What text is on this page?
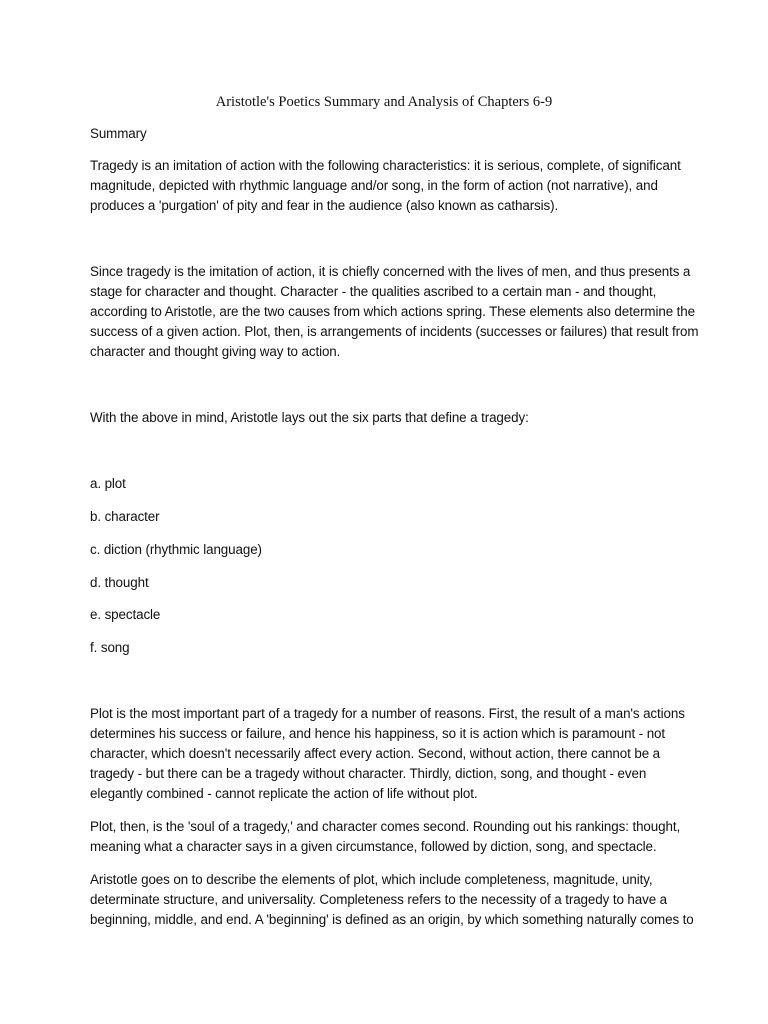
Aristotle's Poetics Summary and Analysis of Chapters 6-9
Summary
Tragedy is an imitation of action with the following characteristics: it is serious, complete, of significant
magnitude, depicted with rhythmic language and/or song, in the form of action (not narrative), and
produces a 'purgation' of pity and fear in the audience (also known as catharsis).
Since tragedy is the imitation of action, it is chiefly concerned with the lives of men, and thus presents a
stage for character and thought. Character - the qualities ascribed to a certain man - and thought,
according to Aristotle, are the two causes from which actions spring. These elements also determine the
success of a given action. Plot, then, is arrangements of incidents (successes or failures) that result from
character and thought giving way to action.
With the above in mind, Aristotle lays out the six parts that define a tragedy:
a. plot
b. character
c. diction (rhythmic language)
d. thought
e. spectacle
f. song
Plot is the most important part of a tragedy for a number of reasons. First, the result of a man's actions
determines his success or failure, and hence his happiness, so it is action which is paramount - not
character, which doesn't necessarily affect every action. Second, without action, there cannot be a
tragedy - but there can be a tragedy without character. Thirdly, diction, song, and thought - even
elegantly combined - cannot replicate the action of life without plot.
Plot, then, is the 'soul of a tragedy,' and character comes second. Rounding out his rankings: thought,
meaning what a character says in a given circumstance, followed by diction, song, and spectacle.
Aristotle goes on to describe the elements of plot, which include completeness, magnitude, unity,
determinate structure, and universality. Completeness refers to the necessity of a tragedy to have a
beginning, middle, and end. A 'beginning' is defined as an origin, by which something naturally comes to
